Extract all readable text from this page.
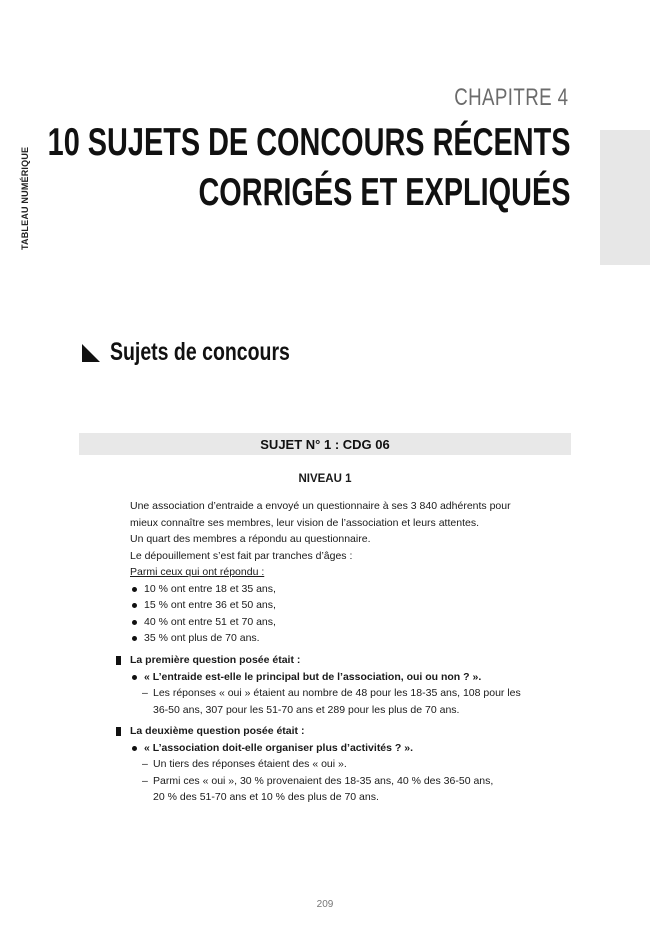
CHAPITRE 4
10 SUJETS DE CONCOURS RÉCENTS
CORRIGÉS ET EXPLIQUÉS
TABLEAU NUMÉRIQUE
Sujets de concours
SUJET N° 1 : CDG 06
NIVEAU 1

Une association d’entraide a envoyé un questionnaire à ses 3 840 adhérents pour

mieux connaître ses membres, leur vision de l’association et leurs attentes.

Un quart des membres a répondu au questionnaire.

Le dépouillement s’est fait par tranches d’âges :

Parmi ceux qui ont répondu :

10 % ont entre 18 et 35 ans,
15 % ont entre 36 et 50 ans,
40 % ont entre 51 et 70 ans,
35 % ont plus de 70 ans.
La première question posée était :
« L’entraide est-elle le principal but de l’association, oui ou non ? ».
– Les réponses « oui » étaient au nombre de 48 pour les 18-35 ans, 108 pour les
36-50 ans, 307 pour les 51-70 ans et 289 pour les plus de 70 ans.
La deuxième question posée était :
« L’association doit-elle organiser plus d’activités ? ».
– Un tiers des réponses étaient des « oui ».
– Parmi ces « oui », 30 % provenaient des 18-35 ans, 40 % des 36-50 ans,
20 % des 51-70 ans et 10 % des plus de 70 ans.
209
